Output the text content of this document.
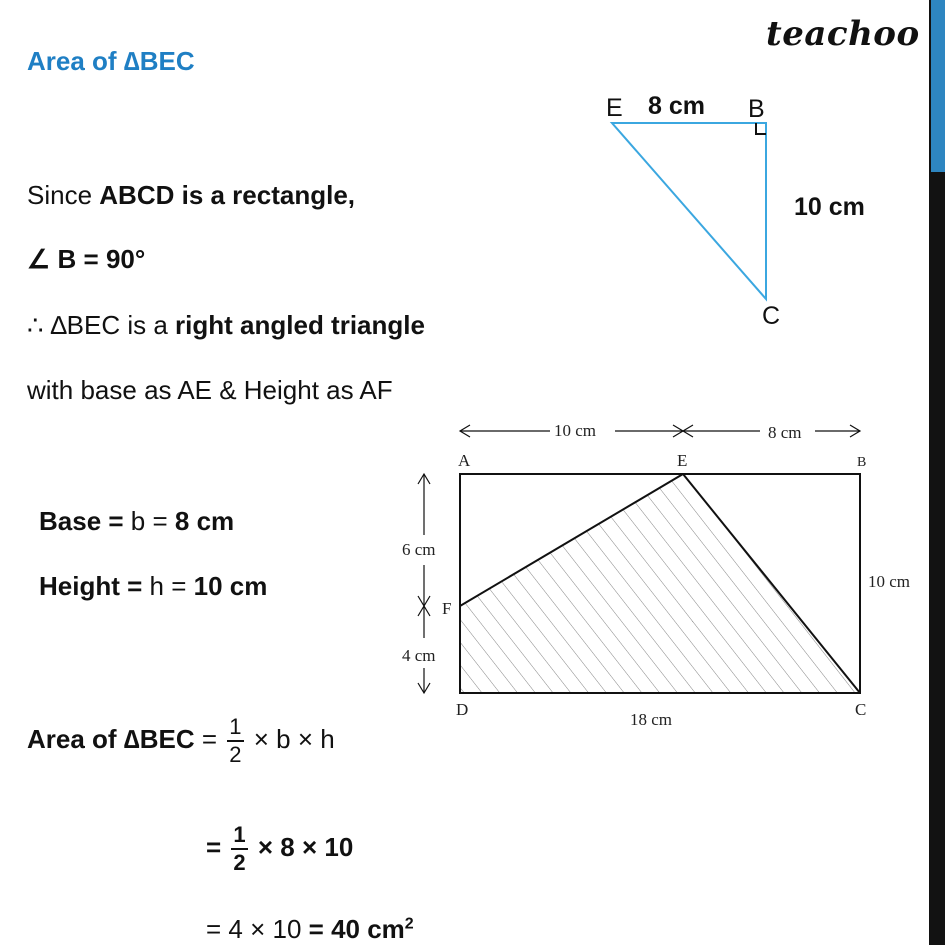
teachoo
Area of ∆BEC
Since ABCD is a rectangle,
∠ B = 90°
∴ ∆BEC is a right angled triangle
with base as AE & Height as AF
Base = b = 8 cm
Height = h = 10 cm
Area of $\Delta BEC = \frac{1}{2} \times b \times h$
= $\frac{1}{2} \times 8 \times 10$
= 4 × 10 = 40 $cm^2$
E 8 cm B
10 cm
C
10 cm	8 cm
6 cm
4 cm
A	E	B
F
D	C
10 cm
18 cm
